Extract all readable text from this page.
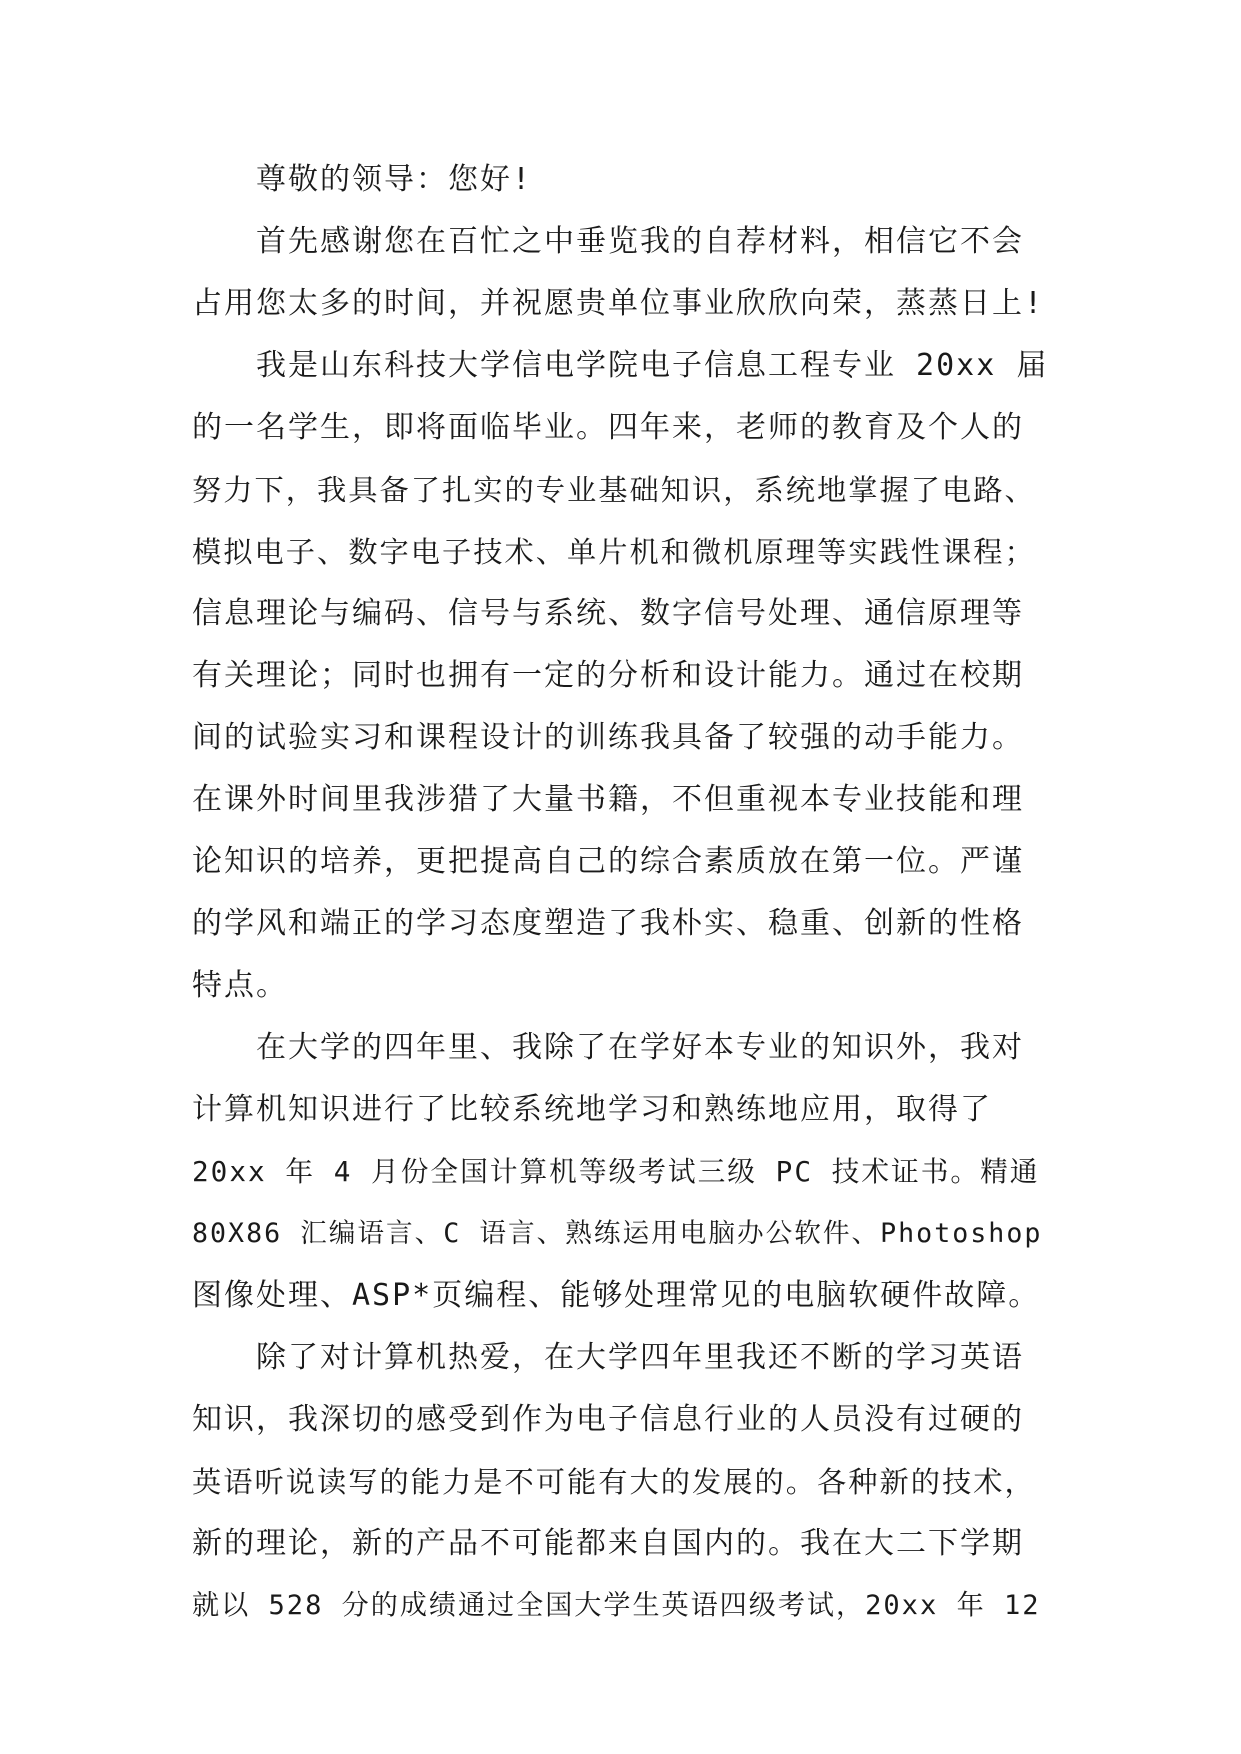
尊敬的领导：您好!
首先感谢您在百忙之中垂览我的自荐材料，相信它不会
占用您太多的时间，并祝愿贵单位事业欣欣向荣，蒸蒸日上!
我是山东科技大学信电学院电子信息工程专业 20xx 届
的一名学生，即将面临毕业。四年来，老师的教育及个人的
努力下，我具备了扎实的专业基础知识，系统地掌握了电路、
模拟电子、数字电子技术、单片机和微机原理等实践性课程；
信息理论与编码、信号与系统、数字信号处理、通信原理等
有关理论；同时也拥有一定的分析和设计能力。通过在校期
间的试验实习和课程设计的训练我具备了较强的动手能力。
在课外时间里我涉猎了大量书籍，不但重视本专业技能和理
论知识的培养，更把提高自己的综合素质放在第一位。严谨
的学风和端正的学习态度塑造了我朴实、稳重、创新的性格
特点。
在大学的四年里、我除了在学好本专业的知识外，我对
计算机知识进行了比较系统地学习和熟练地应用，取得了
20xx 年 4 月份全国计算机等级考试三级 PC 技术证书。精通
80X86 汇编语言、C 语言、熟练运用电脑办公软件、Photoshop
图像处理、ASP*页编程、能够处理常见的电脑软硬件故障。
除了对计算机热爱，在大学四年里我还不断的学习英语
知识，我深切的感受到作为电子信息行业的人员没有过硬的
英语听说读写的能力是不可能有大的发展的。各种新的技术，
新的理论，新的产品不可能都来自国内的。我在大二下学期
就以 528 分的成绩通过全国大学生英语四级考试，20xx 年 12
